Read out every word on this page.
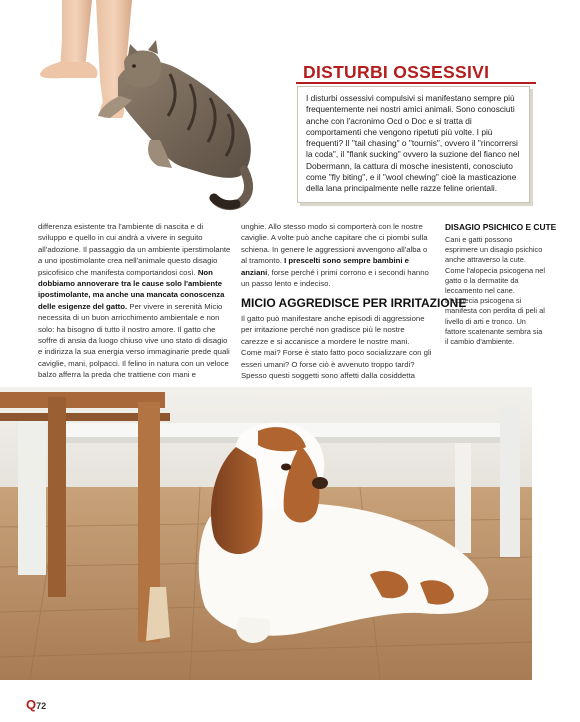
DISTURBI OSSESSIVI

I disturbi ossessivi compulsivi si manifestano sempre più frequentemente nei nostri amici animali. Sono conosciuti anche con l'acronimo Ocd o Doc e si tratta di comportamenti che vengono ripetuti più volte. I più frequenti? Il "tail chasing" o "tournis", ovvero il "rincorrersi la coda", il "flank sucking" ovvero la suzione del fianco nel Dobermann, la cattura di mosche inesistenti, conosciuto come "fly biting", e il "wool chewing" cioè la masticazione della lana principalmente nelle razze feline orientali.

differenza esistente tra l'ambiente di nascita e di sviluppo e quello in cui andrà a vivere in seguito all'adozione. Il passaggio da un ambiente iperstimolante a uno ipostimolante crea nell'animale questo disagio psicofisico che manifesta comportandosi così. Non dobbiamo annoverare tra le cause solo l'ambiente ipostimolante, ma anche una mancata conoscenza delle esigenze del gatto. Per vivere in serenità Micio necessita di un buon arricchimento ambientale e non solo: ha bisogno di tutto il nostro amore. Il gatto che soffre di ansia da luogo chiuso vive uno stato di disagio e indirizza la sua energia verso immaginarie prede quali caviglie, mani, polpacci. Il felino in natura con un veloce balzo afferra la preda che trattiene con mani e

unghie. Allo stesso modo si comporterà con le nostre caviglie. A volte può anche capitare che ci piombi sulla schiena. In genere le aggressioni avvengono all'alba o al tramonto. I prescelti sono sempre bambini e anziani, forse perché i primi corrono e i secondi hanno un passo lento e indeciso.

MICIO AGGREDISCE PER IRRITAZIONE

Il gatto può manifestare anche episodi di aggressione per irritazione perché non gradisce più le nostre carezze e si accanisce a mordere le nostre mani. Come mai? Forse è stato fatto poco socializzare con gli esseri umani? O forse ciò è avvenuto troppo tardi? Spesso questi soggetti sono affetti dalla cosiddetta

DISAGIO PSICHICO E CUTE

Cani e gatti possono esprimere un disagio psichico anche attraverso la cute. Come l'alopecia psicogena nel gatto o la dermatite da leccamento nel cane. L'alopecia psicogena si manifesta con perdita di peli al livello di arti e tronco. Un fattore scatenante sembra sia il cambio d'ambiente.

Q72
